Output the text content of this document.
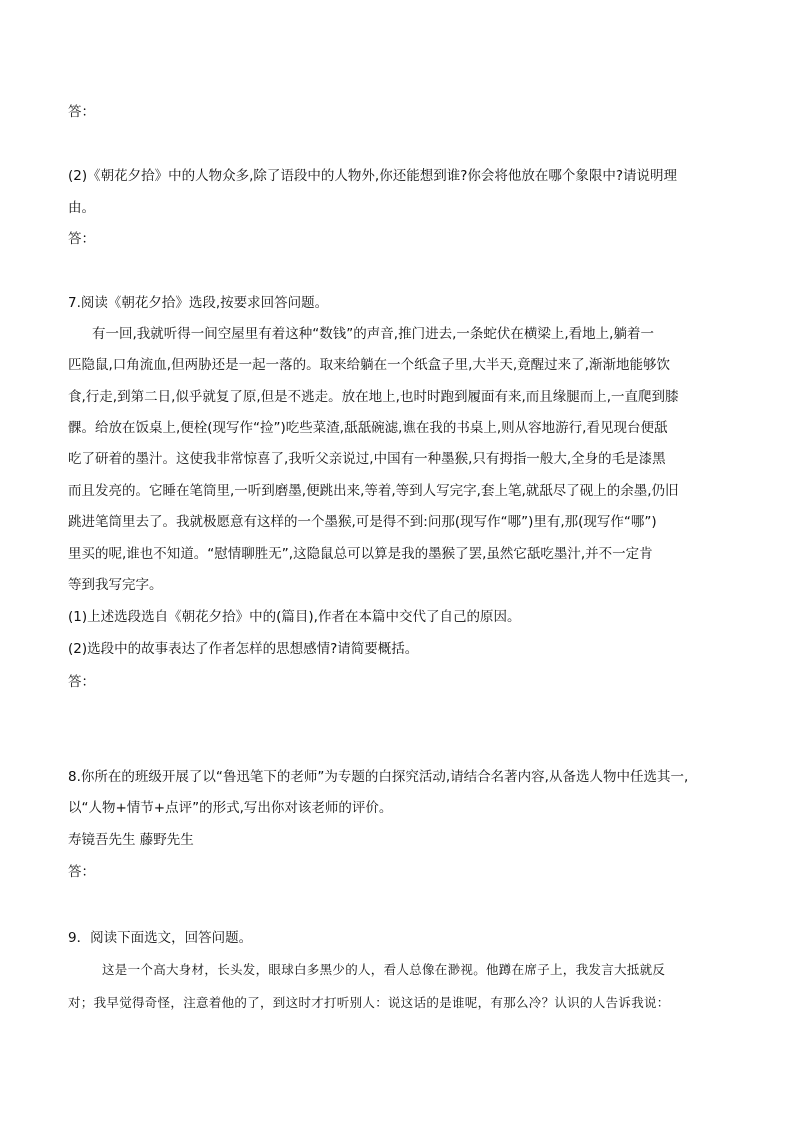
答：
(2)《朝花夕拾》中的人物众多,除了语段中的人物外,你还能想到谁?你会将他放在哪个象限中?请说明理
由。
答：
7.阅读《朝花夕拾》选段,按要求回答问题。
有一回,我就听得一间空屋里有着这种“数钱”的声音,推门进去,一条蛇伏在横梁上,看地上,躺着一
匹隐鼠,口角流血,但两胁还是一起一落的。取来给躺在一个纸盒子里,大半天,竟醒过来了,渐渐地能够饮
食,行走,到第二日,似乎就复了原,但是不逃走。放在地上,也时时跑到履面有来,而且缘腿而上,一直爬到膝
髁。给放在饭桌上,便栓(现写作“捡”)吃些菜渣,舐舐碗滤,谯在我的书桌上,则从容地游行,看见现台便舐
吃了研着的墨汁。这使我非常惊喜了,我听父亲说过,中国有一种墨猴,只有拇指一般大,全身的毛是漆黑
而且发亮的。它睡在笔筒里,一听到磨墨,便跳出来,等着,等到人写完字,套上笔,就舐尽了砚上的余墨,仍旧
跳进笔筒里去了。我就极愿意有这样的一个墨猴,可是得不到:问那(现写作“哪”)里有,那(现写作“哪”)
里买的呢,谁也不知道。“慰情聊胜无”,这隐鼠总可以算是我的墨猴了罢,虽然它舐吃墨汁,并不一定肯
等到我写完字。
(1)上述选段选自《朝花夕拾》中的(篇目),作者在本篇中交代了自己的原因。
(2)选段中的故事表达了作者怎样的思想感情?请简要概括。
答：
8.你所在的班级开展了以“鲁迅笔下的老师”为专题的白探究活动,请结合名著内容,从备选人物中任选其一,
以“人物+情节+点评”的形式,写出你对该老师的评价。
寿镜吾先生 藤野先生
答：
9．阅读下面选文，回答问题。
这是一个高大身材，长头发，眼球白多黑少的人，看人总像在渺视。他蹲在席子上，我发言大抵就反
对；我早觉得奇怪，注意着他的了，到这时才打听别人：说这话的是谁呢，有那么冷？认识的人告诉我说：
